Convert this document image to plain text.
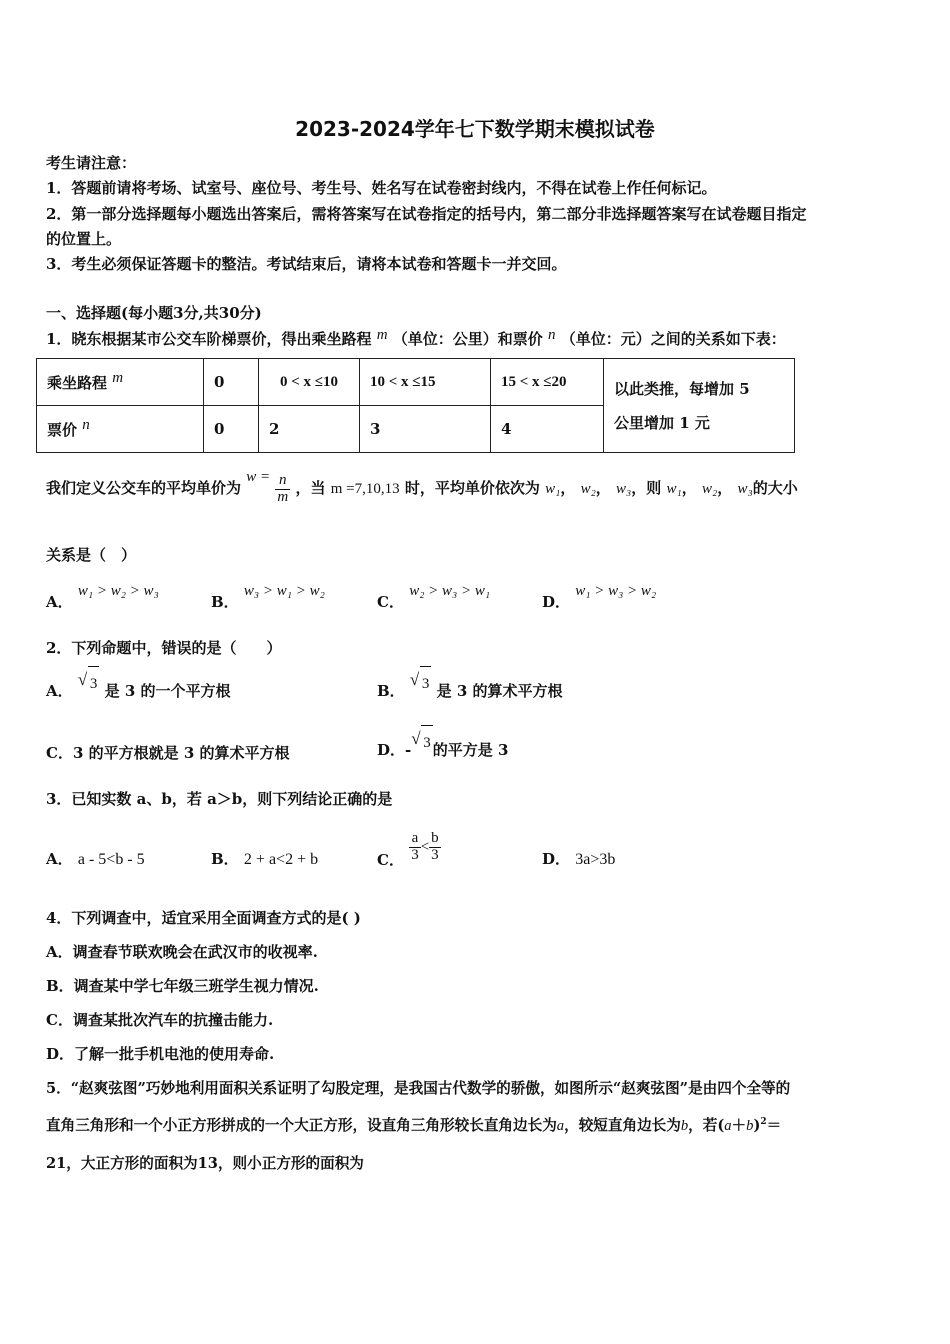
2023-2024学年七下数学期末模拟试卷
考生请注意：
1．答题前请将考场、试室号、座位号、考生号、姓名写在试卷密封线内，不得在试卷上作任何标记。
2．第一部分选择题每小题选出答案后，需将答案写在试卷指定的括号内，第二部分非选择题答案写在试卷题目指定
的位置上。
3．考生必须保证答题卡的整洁。考试结束后，请将本试卷和答题卡一并交回。
一、选择题(每小题3分,共30分)
1．晓东根据某市公交车阶梯票价，得出乘坐路程 m （单位：公里）和票价 n （单位：元）之间的关系如下表：
乘坐路程 m	0	0 < x ≤10	10 < x ≤15	15 < x ≤20	以此类推，每增加 5
公里增加 1 元

票价 n	0	2	3	4	
我们定义公交车的平均单价为 $w = \frac{n}{m}$ ，当 m =7,10,13 时，平均单价依次为 w₁， w₂， w₃，则 w₁， w₂， w₃的大小
关系是（　）
A． w₁ > w₂ > w₃
B． w₃ > w₁ > w₂
C． w₂ > w₃ > w₁
D． w₁ > w₃ > w₂
2．下列命题中，错误的是（　　）
A．
√ 3 是 3 的一个平方根	B．
√ 3 是 3 的算术平方根
C．3 的平方根就是 3 的算术平方根	D．-
√ 3 的平方是 3
3．已知实数 a、b，若 a＞b，则下列结论正确的是
A． a - 5<b - 5	B． 2 + a<2 + b	C． $\frac{a}{3} < \frac{b}{3}$	D． 3a>3b
4．下列调查中，适宜采用全面调查方式的是( )
A．调查春节联欢晚会在武汉市的收视率.
B．调查某中学七年级三班学生视力情况.
C．调查某批次汽车的抗撞击能力.
D．了解一批手机电池的使用寿命.
5．“赵爽弦图”巧妙地利用面积关系证明了勾股定理，是我国古代数学的骄傲，如图所示“赵爽弦图”是由四个全等的
直角三角形和一个小正方形拼成的一个大正方形，设直角三角形较长直角边长为a，较短直角边长为b，若$(a+b)^2=$
21，大正方形的面积为13，则小正方形的面积为
